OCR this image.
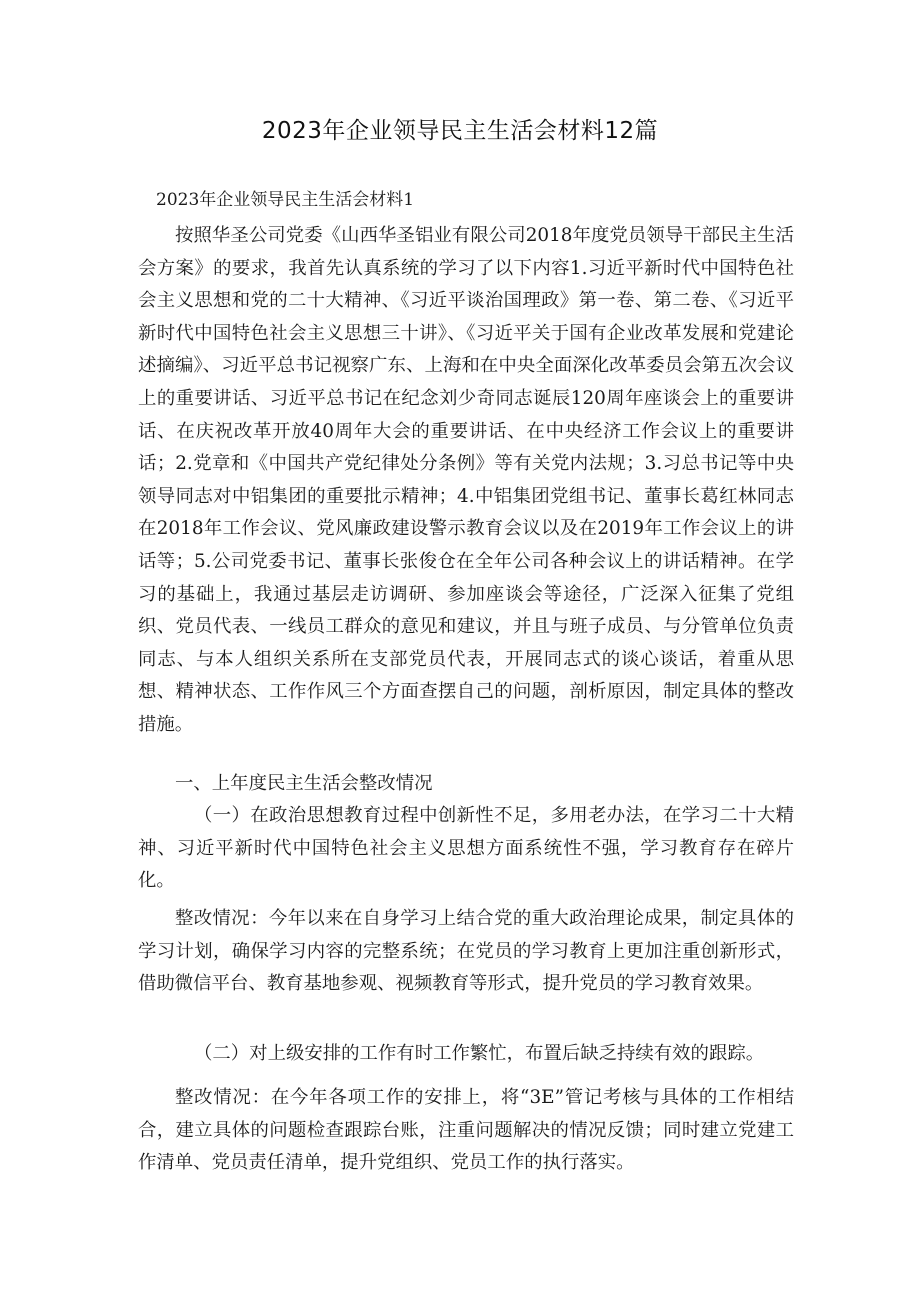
2023年企业领导民主生活会材料12篇

2023年企业领导民主生活会材料1

按照华圣公司党委《山西华圣铝业有限公司2018年度党员领导干部民主生活会方案》的要求，我首先认真系统的学习了以下内容1.习近平新时代中国特色社会主义思想和党的二十大精神、《习近平谈治国理政》第一卷、第二卷、《习近平新时代中国特色社会主义思想三十讲》、《习近平关于国有企业改革发展和党建论述摘编》、习近平总书记视察广东、上海和在中央全面深化改革委员会第五次会议上的重要讲话、习近平总书记在纪念刘少奇同志诞辰120周年座谈会上的重要讲话、在庆祝改革开放40周年大会的重要讲话、在中央经济工作会议上的重要讲话；2.党章和《中国共产党纪律处分条例》等有关党内法规；3.习总书记等中央领导同志对中铝集团的重要批示精神；4.中铝集团党组书记、董事长葛红林同志在2018年工作会议、党风廉政建设警示教育会议以及在2019年工作会议上的讲话等；5.公司党委书记、董事长张俊仓在全年公司各种会议上的讲话精神。在学习的基础上，我通过基层走访调研、参加座谈会等途径，广泛深入征集了党组织、党员代表、一线员工群众的意见和建议，并且与班子成员、与分管单位负责同志、与本人组织关系所在支部党员代表，开展同志式的谈心谈话，着重从思想、精神状态、工作作风三个方面查摆自己的问题，剖析原因，制定具体的整改措施。

一、上年度民主生活会整改情况

（一）在政治思想教育过程中创新性不足，多用老办法，在学习二十大精神、习近平新时代中国特色社会主义思想方面系统性不强，学习教育存在碎片化。

整改情况：今年以来在自身学习上结合党的重大政治理论成果，制定具体的学习计划，确保学习内容的完整系统；在党员的学习教育上更加注重创新形式，借助微信平台、教育基地参观、视频教育等形式，提升党员的学习教育效果。

（二）对上级安排的工作有时工作繁忙，布置后缺乏持续有效的跟踪。

整改情况：在今年各项工作的安排上，将“3E”管记考核与具体的工作相结合，建立具体的问题检查跟踪台账，注重问题解决的情况反馈；同时建立党建工作清单、党员责任清单，提升党组织、党员工作的执行落实。
